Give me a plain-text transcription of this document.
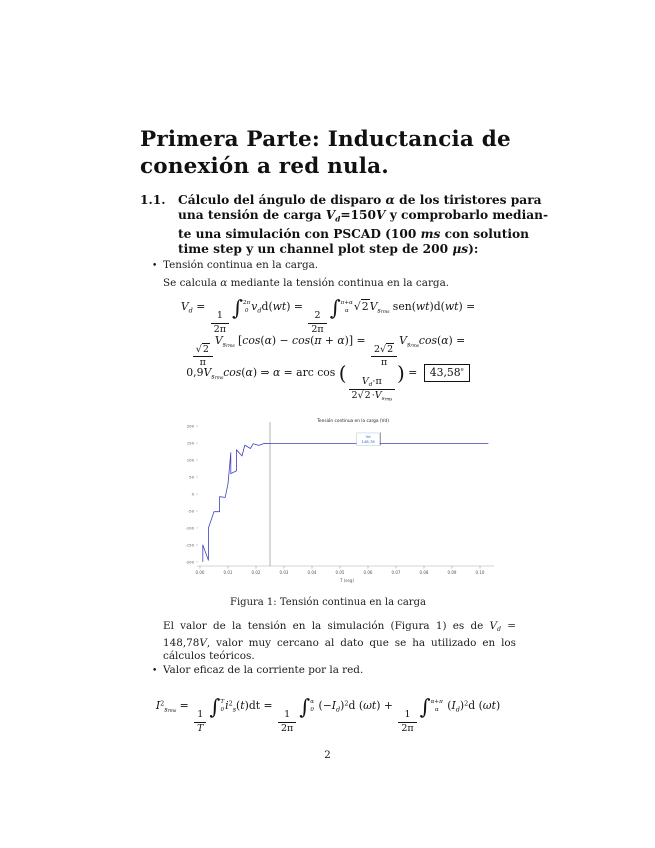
Primera Parte: Inductancia de
conexión a red nula.
1.1.	Cálculo del ángulo de disparo α de los tiristores para
una tensión de carga $V_d=150V$ y comprobarlo median-
te una simulación con PSCAD (100 ms con solution
time step y un channel plot step de 200 μs):
• Tensión continua en la carga.
Se calcula α mediante la tensión continua en la carga.
$V_d$ =
$\frac{1}{2\pi}$
∫ 2π
0 $v_dd(wt)$ =
$\frac{2}{2\pi}$
∫ π+α
α $√2V_{srms}$ sen(wt)d(wt) =
$\frac{√2}{\pi}$
$V_{srms}$ [cos(α) − cos(π + α)] =
$\frac{2√2}{\pi}$
$V_{srms}\cos(\alpha)$ =
$0,9V_{srms}\cos(\alpha)$ ⇒ α = arc cos (
$\frac{V_d\cdot\pi}{2√2\cdot V_{srms}}$
) = $43,58^º$
Tensión continua en la carga (Vd)
0.00	0.01	0.02	0.03	0.04	0.05	0.06	0.07	0.08	0.09	0.10
T (seg)
200
150
100
50
0
-50
-100
-150
-200
Vd
148,78
Figura 1: Tensión continua en la carga
El valor de la tensión en la simulación (Figura 1) es de $V_d = 148,78V$, valor muy cercano al dato que se ha utilizado en los cálculos teóricos.
• Valor eficaz de la corriente por la red.
$I^2_{srms}$ =
$\frac{1}{T}$
∫ T
0 $i^2_s(t)dt$ =
$\frac{1}{2\pi}$
∫ α
0 $(-I_d)^2d$ (ωt) +
$\frac{1}{2\pi}$
∫ α+π
α $(I_d)^2d$ (ωt)
2
